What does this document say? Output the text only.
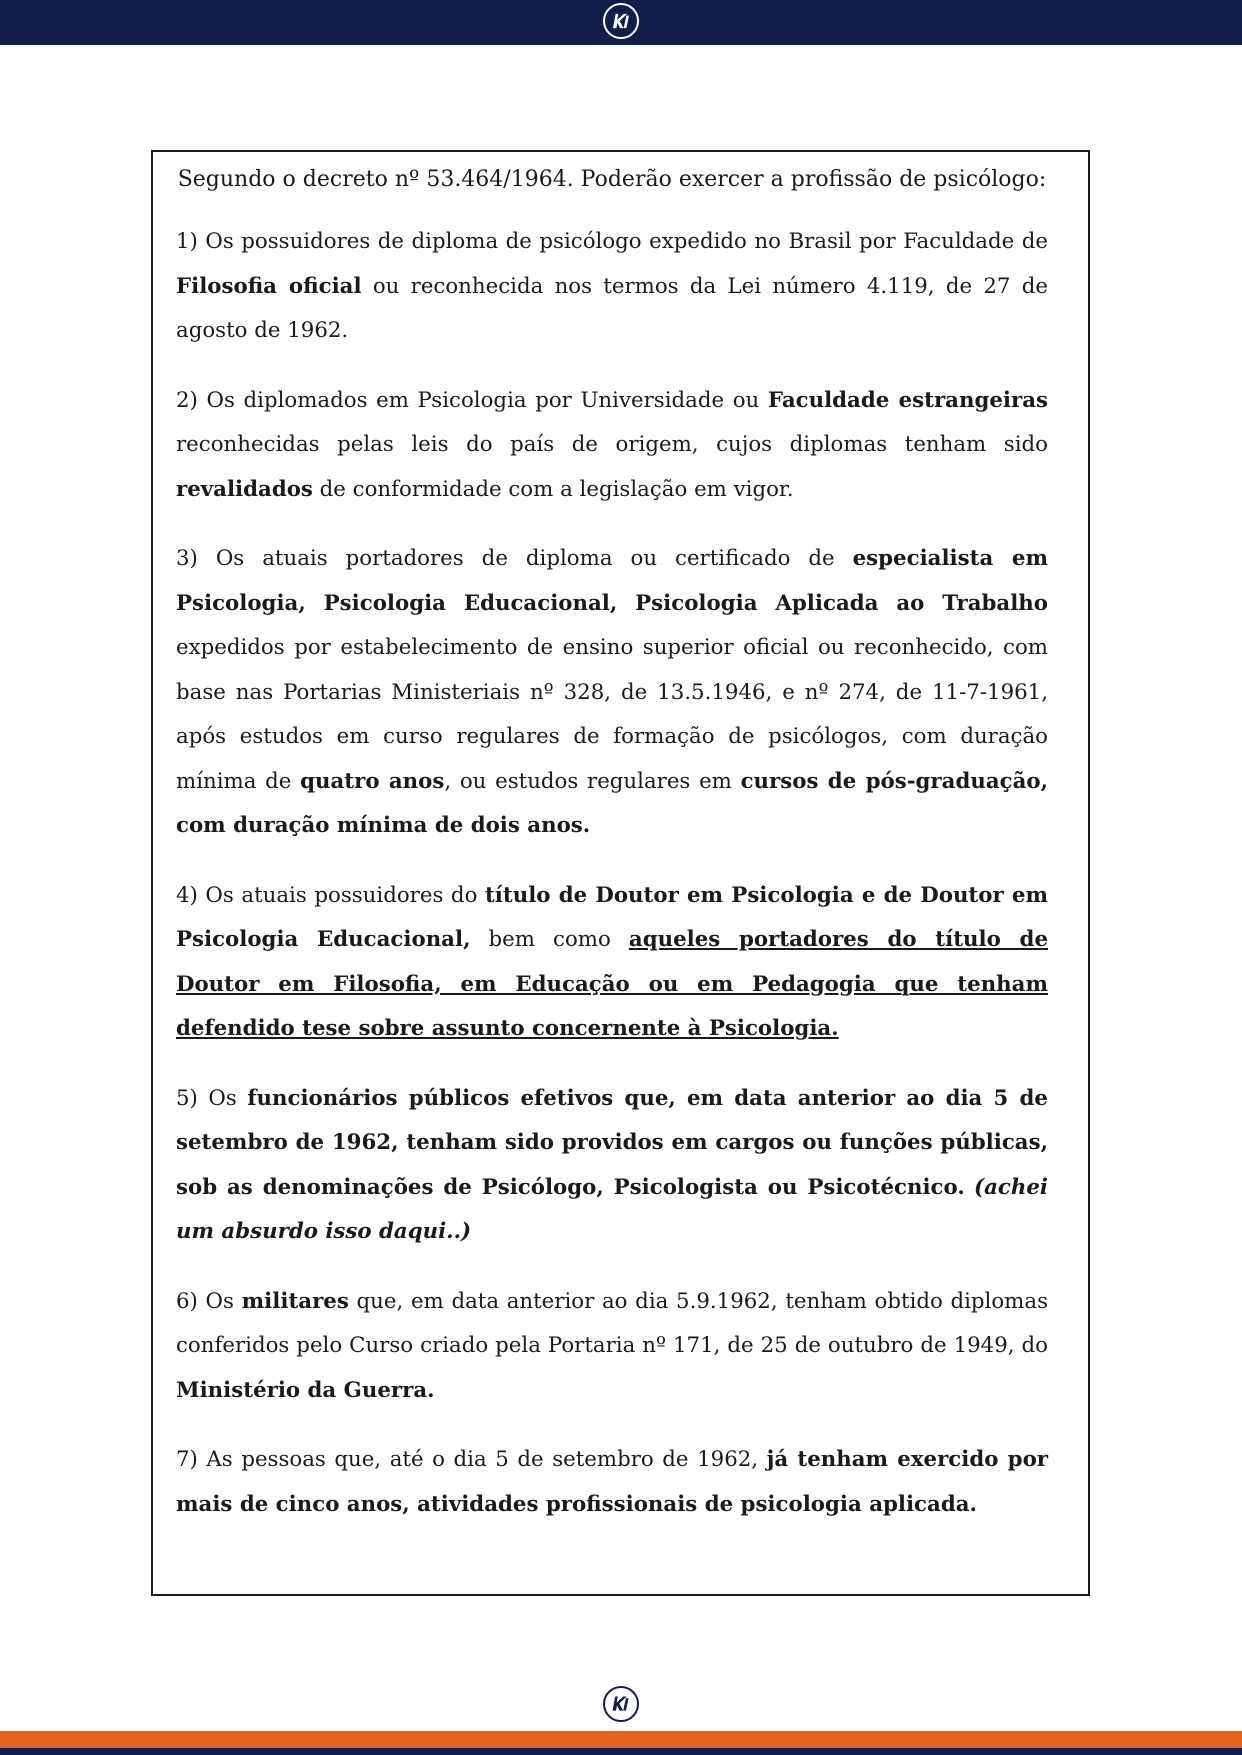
Segundo o decreto nº 53.464/1964. Poderão exercer a profissão de psicólogo:

1) Os possuidores de diploma de psicólogo expedido no Brasil por Faculdade de Filosofia oficial ou reconhecida nos termos da Lei número 4.119, de 27 de agosto de 1962.

2) Os diplomados em Psicologia por Universidade ou Faculdade estrangeiras reconhecidas pelas leis do país de origem, cujos diplomas tenham sido revalidados de conformidade com a legislação em vigor.

3) Os atuais portadores de diploma ou certificado de especialista em Psicologia, Psicologia Educacional, Psicologia Aplicada ao Trabalho expedidos por estabelecimento de ensino superior oficial ou reconhecido, com base nas Portarias Ministeriais nº 328, de 13.5.1946, e nº 274, de 11-7-1961, após estudos em curso regulares de formação de psicólogos, com duração mínima de quatro anos, ou estudos regulares em cursos de pós-graduação, com duração mínima de dois anos.

4) Os atuais possuidores do título de Doutor em Psicologia e de Doutor em Psicologia Educacional, bem como aqueles portadores do título de Doutor em Filosofia, em Educação ou em Pedagogia que tenham defendido tese sobre assunto concernente à Psicologia.

5) Os funcionários públicos efetivos que, em data anterior ao dia 5 de setembro de 1962, tenham sido providos em cargos ou funções públicas, sob as denominações de Psicólogo, Psicologista ou Psicotécnico. (achei um absurdo isso daqui..)

6) Os militares que, em data anterior ao dia 5.9.1962, tenham obtido diplomas conferidos pelo Curso criado pela Portaria nº 171, de 25 de outubro de 1949, do Ministério da Guerra.

7) As pessoas que, até o dia 5 de setembro de 1962, já tenham exercido por mais de cinco anos, atividades profissionais de psicologia aplicada.
